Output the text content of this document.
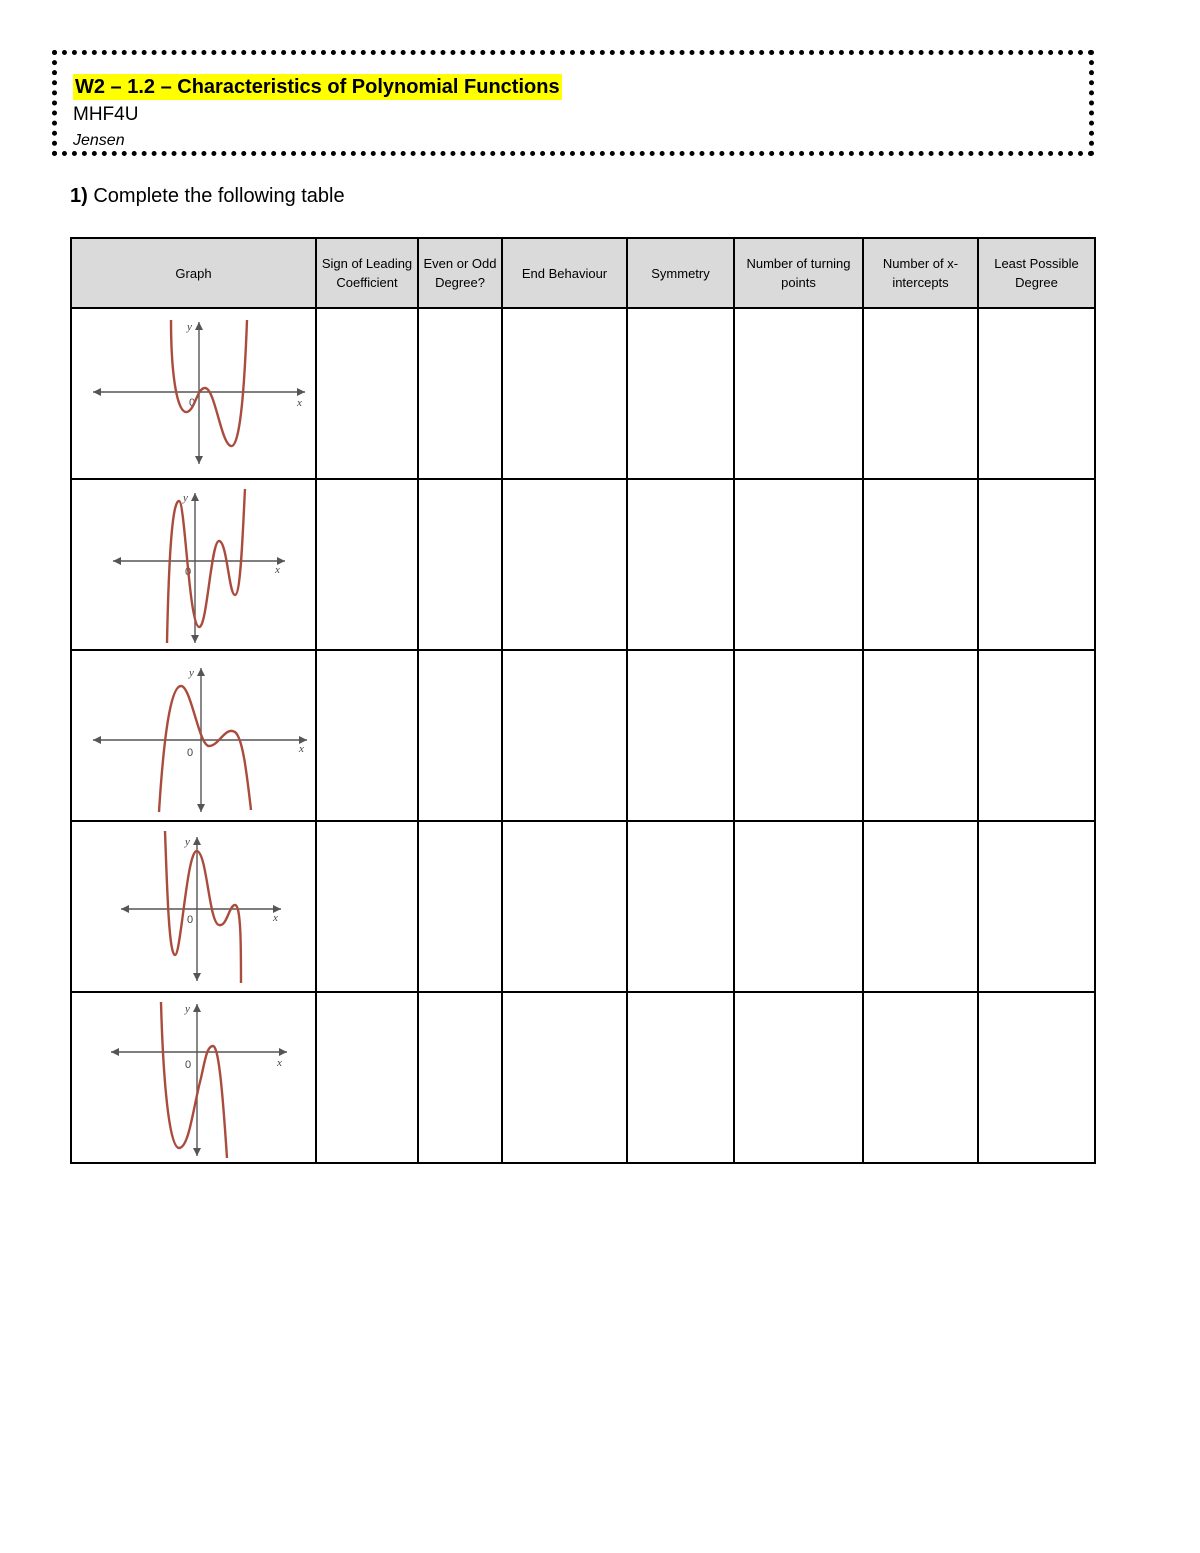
W2 – 1.2 – Characteristics of Polynomial Functions
MHF4U
Jensen
1) Complete the following table
Graph	Sign of Leading Coefficient	Even or Odd Degree?	End Behaviour	Symmetry	Number of turning points	Number of x-intercepts	Least Possible Degree

y
x
0							

y
x
0							

y
x
0							

y
x
0							

y
x
0							
